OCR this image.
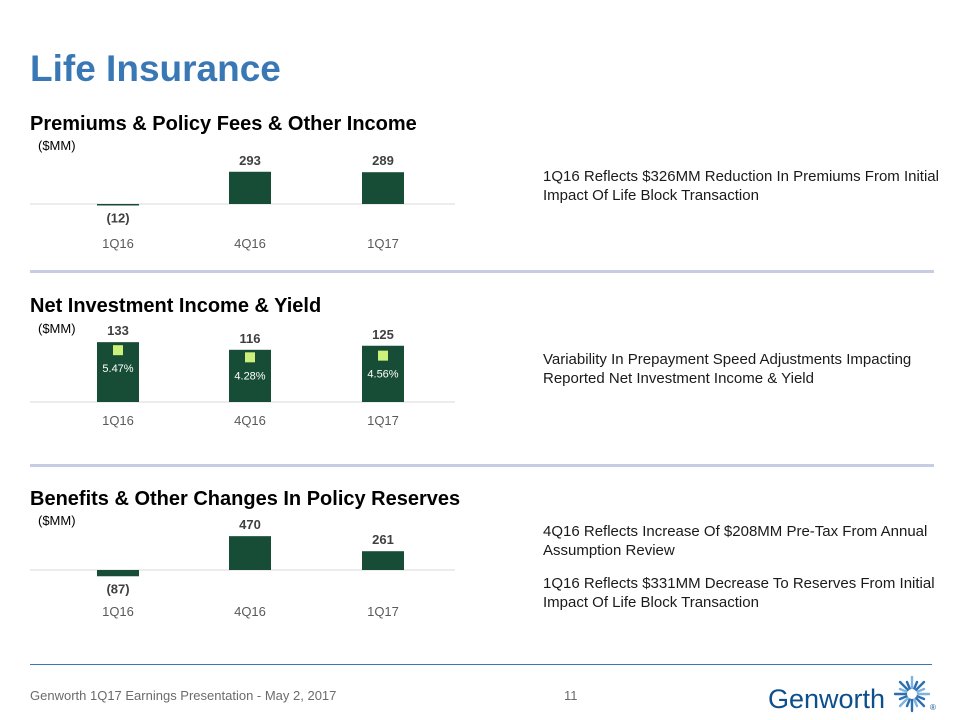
Life Insurance
Premiums & Policy Fees & Other Income
($MM)
(12)
1Q16
293
4Q16
289
1Q17
1Q16 Reflects $326MM Reduction In Premiums From Initial Impact Of Life Block Transaction
Net Investment Income & Yield
($MM) 133
1Q16
5.47%
116
4Q16
4.28%
125
1Q17
4.56%
Variability In Prepayment Speed Adjustments Impacting Reported Net Investment Income & Yield
Benefits & Other Changes In Policy Reserves
($MM)
(87)
1Q16
470
4Q16
261
1Q17
4Q16 Reflects Increase Of $208MM Pre-Tax From Annual Assumption Review
1Q16 Reflects $331MM Decrease To Reserves From Initial Impact Of Life Block Transaction
Genworth 1Q17 Earnings Presentation - May 2, 2017	11	Genworth	®
